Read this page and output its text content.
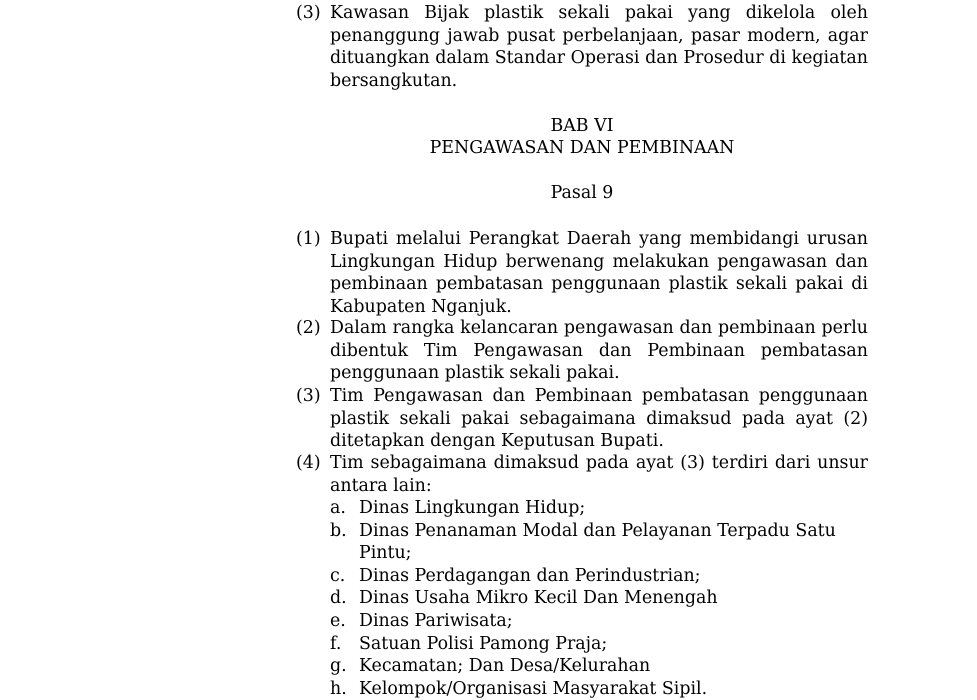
(3) Kawasan Bijak plastik sekali pakai yang dikelola oleh penanggung jawab pusat perbelanjaan, pasar modern, agar dituangkan dalam Standar Operasi dan Prosedur di kegiatan bersangkutan.
BAB VI
PENGAWASAN DAN PEMBINAAN
Pasal 9
(1) Bupati melalui Perangkat Daerah yang membidangi urusan Lingkungan Hidup berwenang melakukan pengawasan dan pembinaan pembatasan penggunaan plastik sekali pakai di Kabupaten Nganjuk.
(2) Dalam rangka kelancaran pengawasan dan pembinaan perlu dibentuk Tim Pengawasan dan Pembinaan pembatasan penggunaan plastik sekali pakai.
(3) Tim Pengawasan dan Pembinaan pembatasan penggunaan plastik sekali pakai sebagaimana dimaksud pada ayat (2) ditetapkan dengan Keputusan Bupati.
(4) Tim sebagaimana dimaksud pada ayat (3) terdiri dari unsur antara lain:
a. Dinas Lingkungan Hidup;
b. Dinas Penanaman Modal dan Pelayanan Terpadu Satu Pintu;
c. Dinas Perdagangan dan Perindustrian;
d. Dinas Usaha Mikro Kecil Dan Menengah
e. Dinas Pariwisata;
f.	Satuan Polisi Pamong Praja;
g. Kecamatan; Dan Desa/Kelurahan
h. Kelompok/Organisasi Masyarakat Sipil.
